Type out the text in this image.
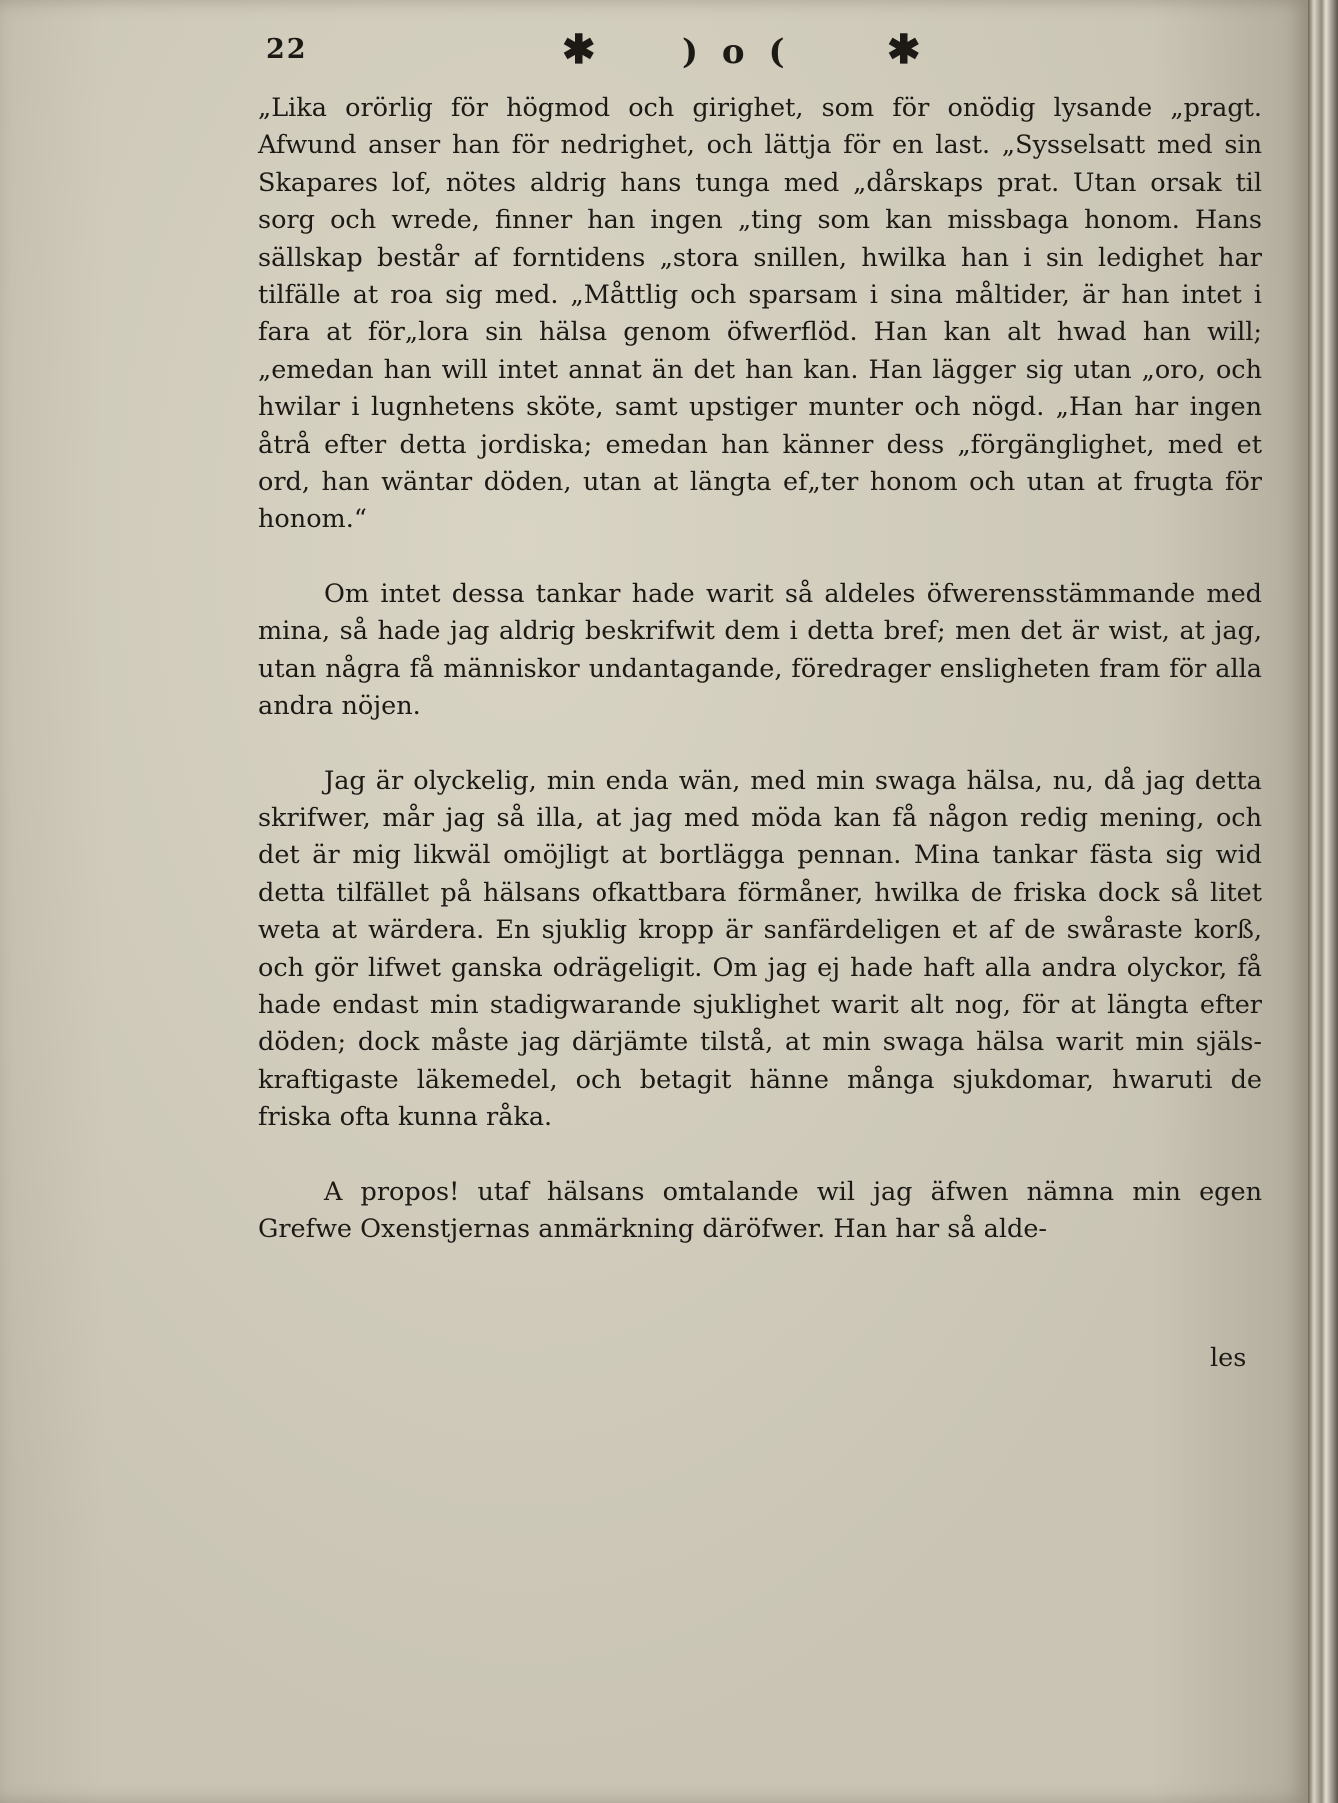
22	✱	) o ( ✱

„Lika orörlig för högmod och girighet, som för onödig lysande „pragt. Afwund anser han för nedrighet, och lättja för en last. „Sysselsatt med sin Skapares lof, nötes aldrig hans tunga med „dårskaps prat. Utan orsak til sorg och wrede, finner han ingen „ting som kan missbaga honom. Hans sällskap består af forntidens „stora snillen, hwilka han i sin ledighet har tilfälle at roa sig med. „Måttlig och sparsam i sina måltider, är han intet i fara at för„lora sin hälsa genom öfwerflöd. Han kan alt hwad han will; „emedan han will intet annat än det han kan. Han lägger sig utan „oro, och hwilar i lugnhetens sköte, samt upstiger munter och nögd. „Han har ingen åtrå efter detta jordiska; emedan han känner dess „förgänglighet, med et ord, han wäntar döden, utan at längta ef„ter honom och utan at frugta för honom.“

Om intet dessa tankar hade warit så aldeles öfwerensstämmande med mina, så hade jag aldrig beskrifwit dem i detta bref; men det är wist, at jag, utan några få människor undantagande, föredrager ensligheten fram för alla andra nöjen.

Jag är olyckelig, min enda wän, med min swaga hälsa, nu, då jag detta skrifwer, mår jag så illa, at jag med möda kan få någon redig mening, och det är mig likwäl omöjligt at bortlägga pennan. Mina tankar fästa sig wid detta tilfället på hälsans ofkattbara förmåner, hwilka de friska dock så litet weta at wärdera. En sjuklig kropp är sanfärdeligen et af de swåraste korß, och gör lifwet ganska odrägeligit. Om jag ej hade haft alla andra olyckor, få hade endast min stadigwarande sjuklighet warit alt nog, för at längta efter döden; dock måste jag därjämte tilstå, at min swaga hälsa warit min själs-kraftigaste läkemedel, och betagit hänne många sjukdomar, hwaruti de friska ofta kunna råka.

A propos! utaf hälsans omtalande wil jag äfwen nämna min egen Grefwe Oxenstjernas anmärkning däröfwer. Han har så alde-

les
